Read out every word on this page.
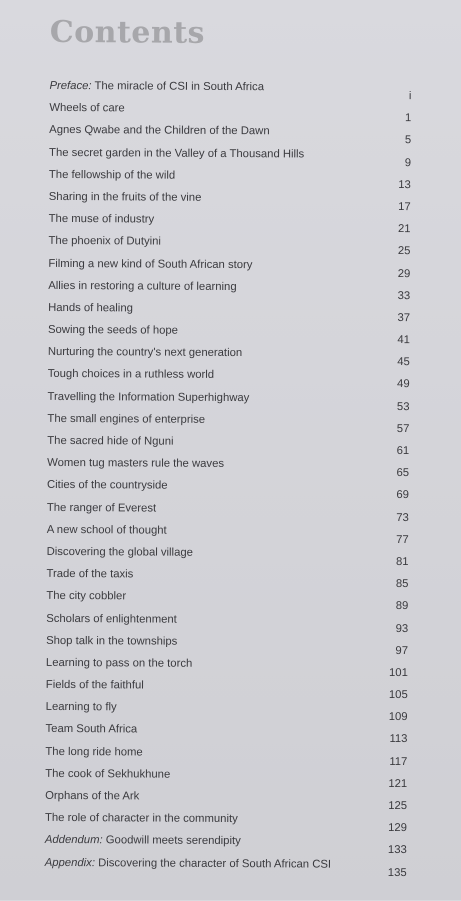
Contents
Preface: The miracle of CSI in South Africa
i
Wheels of care
1
Agnes Qwabe and the Children of the Dawn
5
The secret garden in the Valley of a Thousand Hills
9
The fellowship of the wild
13
Sharing in the fruits of the vine
17
The muse of industry
21
The phoenix of Dutyini
25
Filming a new kind of South African story
29
Allies in restoring a culture of learning
33
Hands of healing
37
Sowing the seeds of hope
41
Nurturing the country's next generation
45
Tough choices in a ruthless world
49
Travelling the Information Superhighway
53
The small engines of enterprise
57
The sacred hide of Nguni
61
Women tug masters rule the waves
65
Cities of the countryside
69
The ranger of Everest
73
A new school of thought
77
Discovering the global village
81
Trade of the taxis
85
The city cobbler
89
Scholars of enlightenment
93
Shop talk in the townships
97
Learning to pass on the torch
101
Fields of the faithful
105
Learning to fly
109
Team South Africa
113
The long ride home
117
The cook of Sekhukhune
121
Orphans of the Ark
125
The role of character in the community
129
Addendum: Goodwill meets serendipity
133
Appendix: Discovering the character of South African CSI
135
